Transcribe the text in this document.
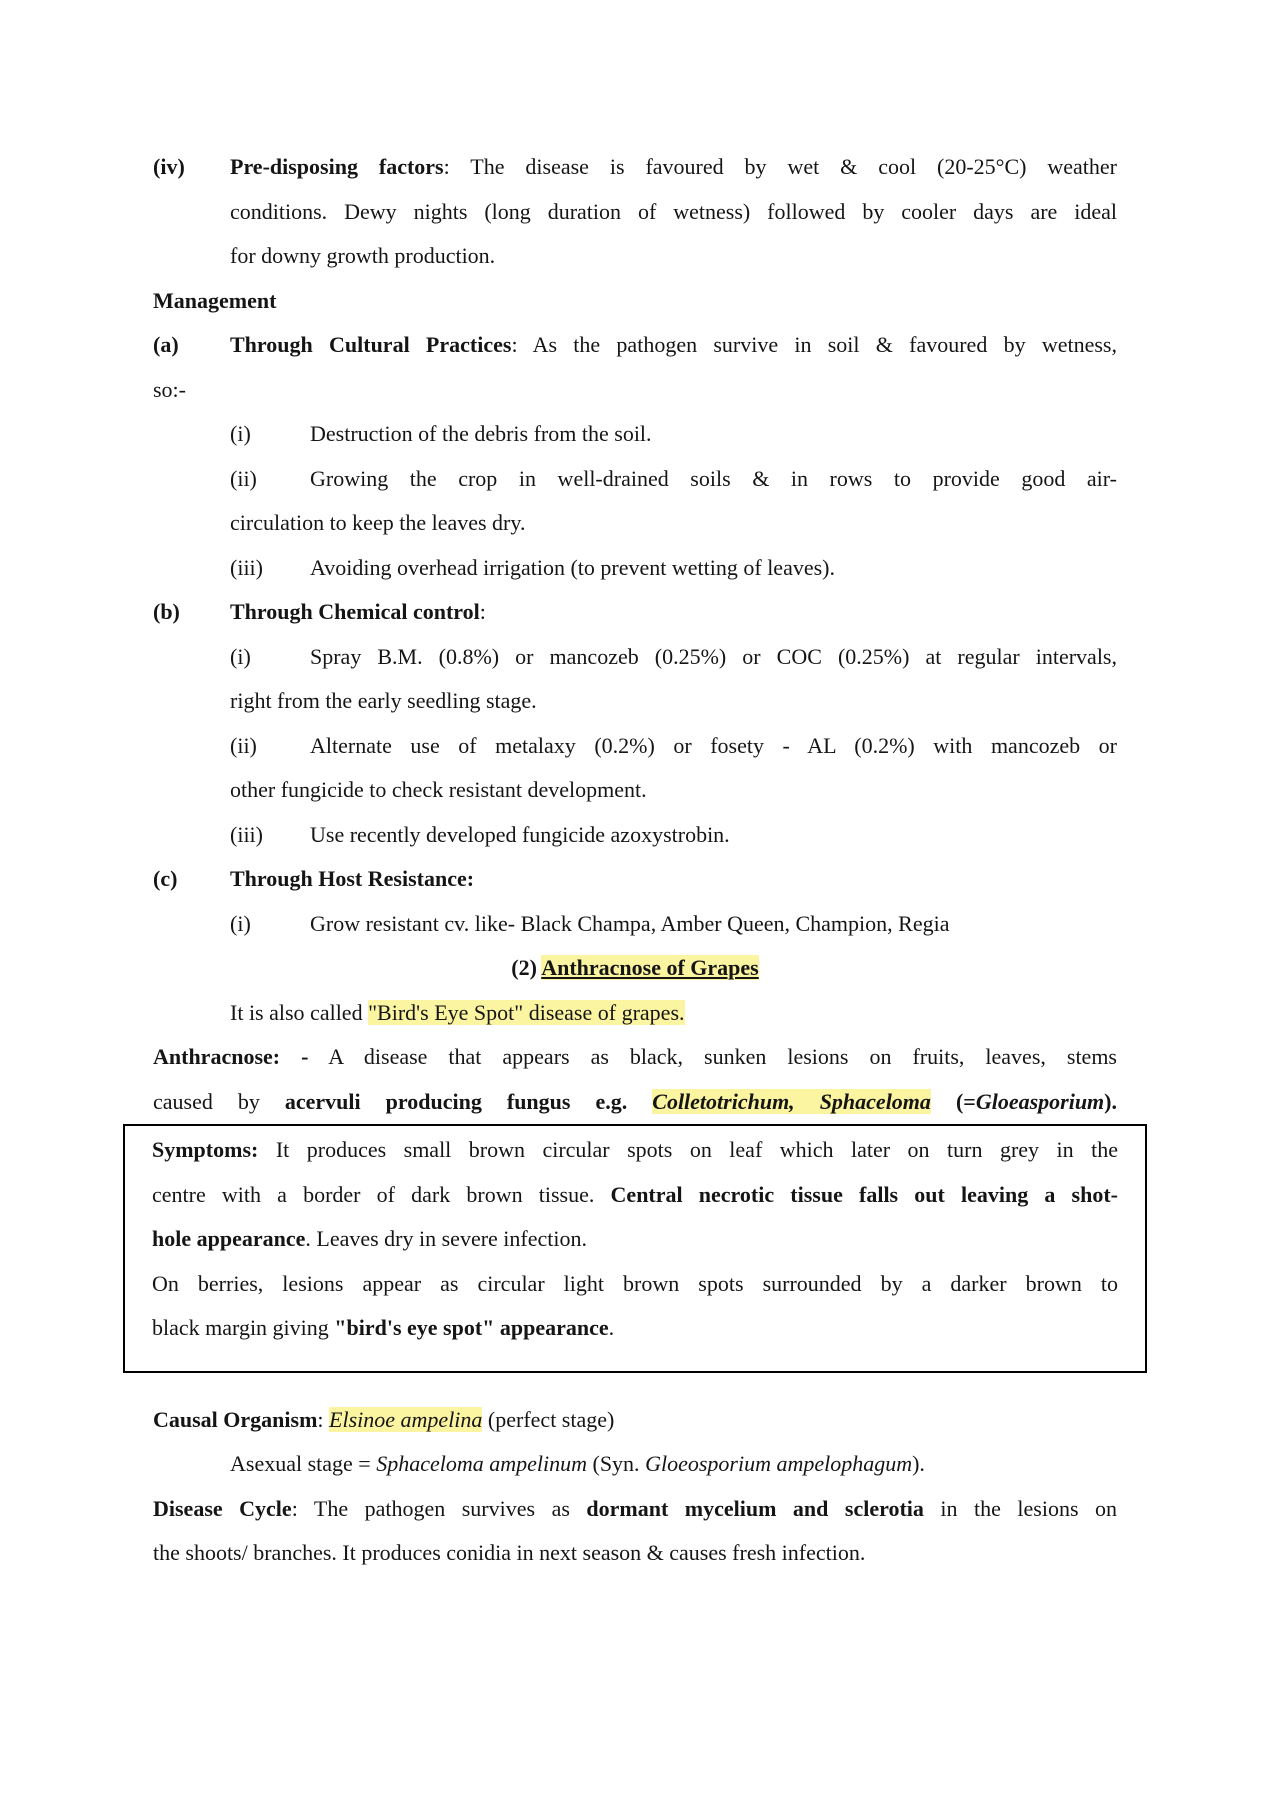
(iv) Pre-disposing factors: The disease is favoured by wet & cool (20-25°C) weather
conditions. Dewy nights (long duration of wetness) followed by cooler days are ideal
for downy growth production.
Management
(a) Through Cultural Practices: As the pathogen survive in soil & favoured by wetness,
so:-
(i)	Destruction of the debris from the soil.
(ii) Growing the crop in well-drained soils & in rows to provide good air-
circulation to keep the leaves dry.
(iii) Avoiding overhead irrigation (to prevent wetting of leaves).
(b) Through Chemical control:
(i)	Spray B.M. (0.8%) or mancozeb (0.25%) or COC (0.25%) at regular intervals,
right from the early seedling stage.
(ii) Alternate use of metalaxy (0.2%) or fosety - AL (0.2%) with mancozeb or
other fungicide to check resistant development.
(iii) Use recently developed fungicide azoxystrobin.
(c) Through Host Resistance:
(i)	Grow resistant cv. like- Black Champa, Amber Queen, Champion, Regia
(2) Anthracnose of Grapes
It is also called "Bird's Eye Spot" disease of grapes.
Anthracnose: - A disease that appears as black, sunken lesions on fruits, leaves, stems
caused by acervuli producing fungus e.g. Colletotrichum, Sphaceloma (=Gloeasporium).
Symptoms: It produces small brown circular spots on leaf which later on turn grey in the
centre with a border of dark brown tissue. Central necrotic tissue falls out leaving a shot-
hole appearance. Leaves dry in severe infection.
On berries, lesions appear as circular light brown spots surrounded by a darker brown to
black margin giving "bird's eye spot" appearance.
Causal Organism: Elsinoe ampelina (perfect stage)
Asexual stage = Sphaceloma ampelinum (Syn. Gloeosporium ampelophagum).
Disease Cycle: The pathogen survives as dormant mycelium and sclerotia in the lesions on
the shoots/ branches. It produces conidia in next season & causes fresh infection.
